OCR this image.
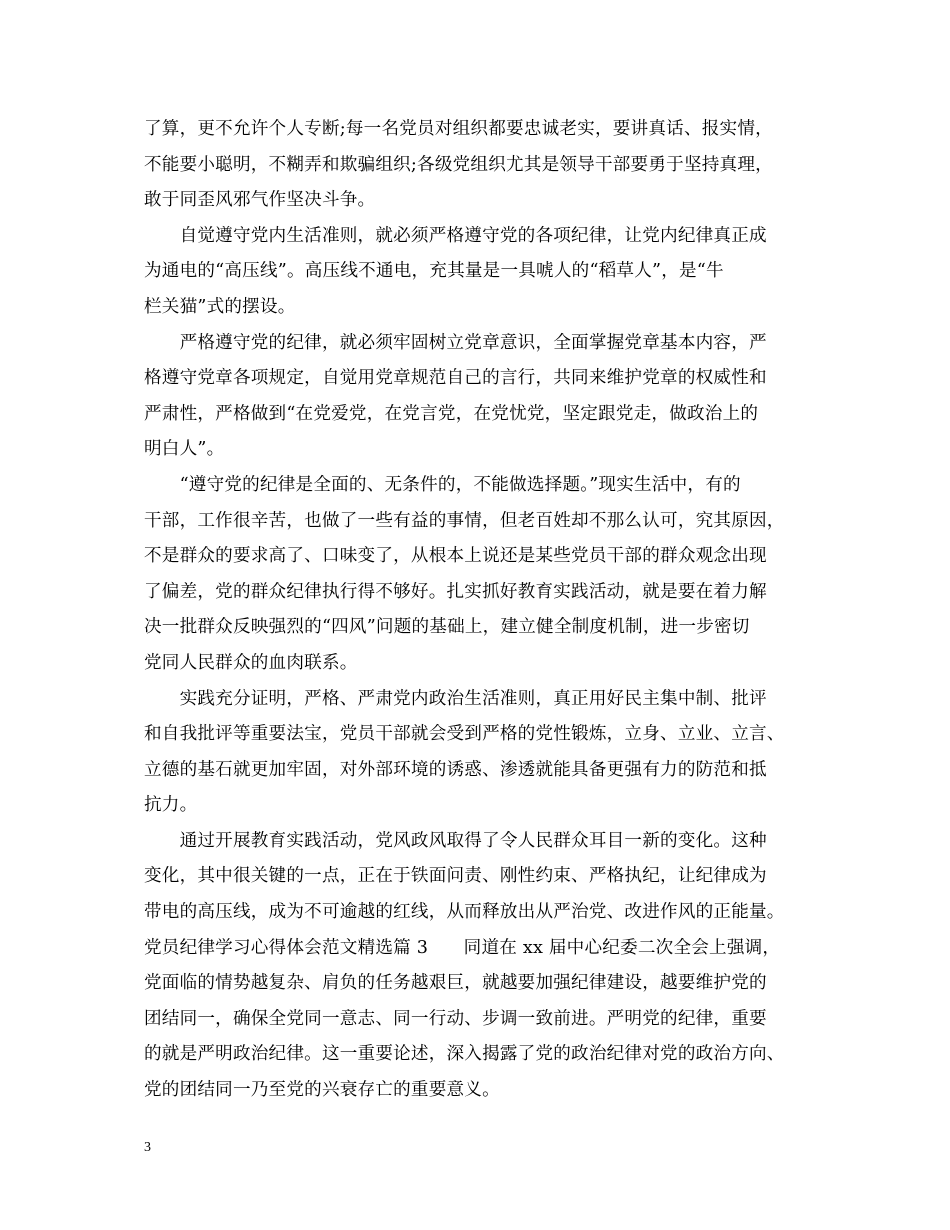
了算，更不允许个人专断;每一名党员对组织都要忠诚老实，要讲真话、报实情，
不能要小聪明，不糊弄和欺骗组织;各级党组织尤其是领导干部要勇于坚持真理，
敢于同歪风邪气作坚决斗争。
　　自觉遵守党内生活准则，就必须严格遵守党的各项纪律，让党内纪律真正成
为通电的“高压线”。高压线不通电，充其量是一具唬人的“稻草人”，是“牛
栏关猫”式的摆设。
　　严格遵守党的纪律，就必须牢固树立党章意识，全面掌握党章基本内容，严
格遵守党章各项规定，自觉用党章规范自己的言行，共同来维护党章的权威性和
严肃性，严格做到“在党爱党，在党言党，在党忧党，坚定跟党走，做政治上的
明白人”。
　　“遵守党的纪律是全面的、无条件的，不能做选择题。”现实生活中，有的
干部，工作很辛苦，也做了一些有益的事情，但老百姓却不那么认可，究其原因，
不是群众的要求高了、口味变了，从根本上说还是某些党员干部的群众观念出现
了偏差，党的群众纪律执行得不够好。扎实抓好教育实践活动，就是要在着力解
决一批群众反映强烈的“四风”问题的基础上，建立健全制度机制，进一步密切
党同人民群众的血肉联系。
　　实践充分证明，严格、严肃党内政治生活准则，真正用好民主集中制、批评
和自我批评等重要法宝，党员干部就会受到严格的党性锻炼，立身、立业、立言、
立德的基石就更加牢固，对外部环境的诱惑、渗透就能具备更强有力的防范和抵
抗力。
　　通过开展教育实践活动，党风政风取得了令人民群众耳目一新的变化。这种
变化，其中很关键的一点，正在于铁面问责、刚性约束、严格执纪，让纪律成为
带电的高压线，成为不可逾越的红线，从而释放出从严治党、改进作风的正能量。
党员纪律学习心得体会范文精选篇 3　　同道在 xx 届中心纪委二次全会上强调，
党面临的情势越复杂、肩负的任务越艰巨，就越要加强纪律建设，越要维护党的
团结同一，确保全党同一意志、同一行动、步调一致前进。严明党的纪律，重要
的就是严明政治纪律。这一重要论述，深入揭露了党的政治纪律对党的政治方向、
党的团结同一乃至党的兴衰存亡的重要意义。
3
